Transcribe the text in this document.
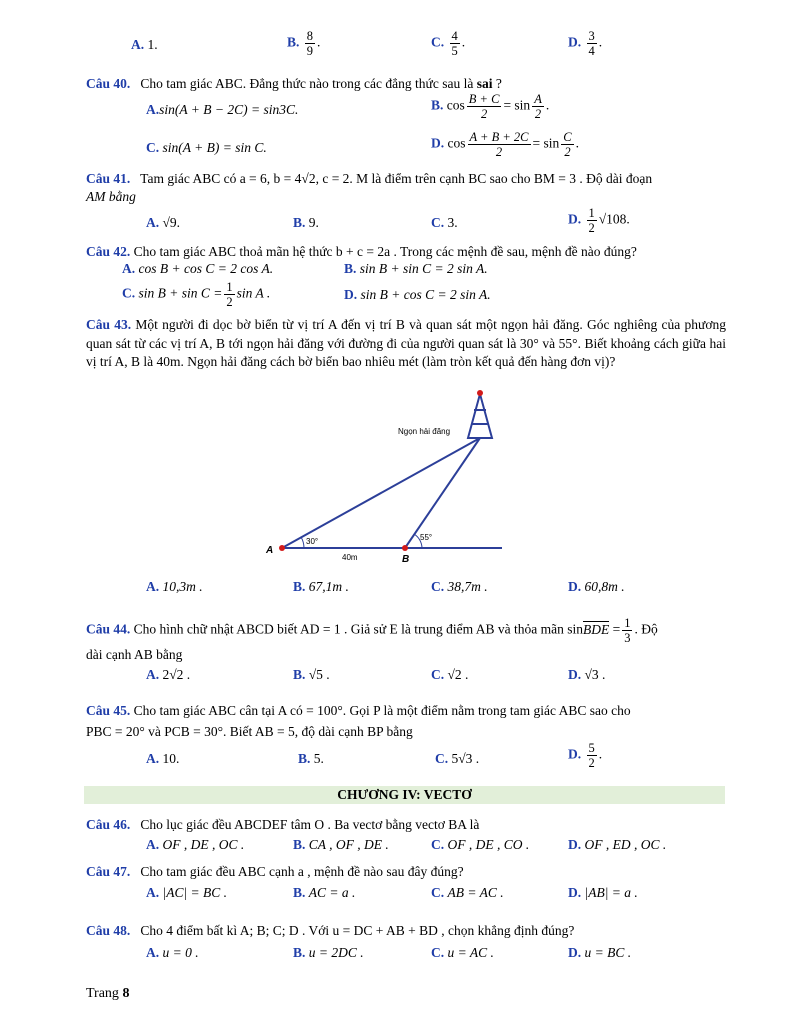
A. 1.	B. $\frac{8}{9}$ .	C. $\frac{4}{5}$ .	D. $\frac{3}{4}$ .
Câu 40. Cho tam giác ABC. Đẳng thức nào trong các đẳng thức sau là sai ?
A.sin(A + B − 2C) = sin3C.	B. $\cos \frac{B + C}{2} = \sin \frac{A}{2}$ .
C. sin(A + B) = sin C.	D. $\cos \frac{A + B + 2C}{2} = \sin \frac{C}{2}$ .
Câu 41. Tam giác ABC có a = 6, b = 4√2, c = 2. M là điểm trên cạnh BC sao cho BM = 3 . Độ dài đoạn
AM bằng
A. √9.	B. 9.	C. 3.	D. $\frac{1}{2} √108$.
Câu 42. Cho tam giác ABC thoả mãn hệ thức b + c = 2a . Trong các mệnh đề sau, mệnh đề nào đúng?
A. cos B + cos C = 2 cos A.	B. sin B + sin C = 2 sin A.
C. $\sin B + \sin C = \frac{1}{2}$ sin A .	D. sin B + cos C = 2 sin A.
Câu 43. Một người đi dọc bờ biển từ vị trí A đến vị trí B và quan sát một ngọn hải đăng. Góc nghiêng của phương quan sát từ các vị trí A, B tới ngọn hải đăng với đường đi của người quan sát là 30° và 55°. Biết khoảng cách giữa hai vị trí A, B là 40m. Ngọn hải đăng cách bờ biển bao nhiêu mét (làm tròn kết quả đến hàng đơn vị)?
Ngọn hải đăng
30°	55°
40m
A
B
A. 10,3m .	B. 67,1m .	C. 38,7m .	D. 60,8m .
Câu 44. Cho hình chữ nhật ABCD biết AD = 1 . Giả sử E là trung điểm AB và thỏa mãn sinBDE = $\frac{1}{3}$ . Độ
dài cạnh AB bằng
A. 2√2 .	B. √5 .	C. √2 .	D. √3 .
Câu 45. Cho tam giác ABC cân tại A có = 100°. Gọi P là một điểm nằm trong tam giác ABC sao cho
PBC = 20° và PCB = 30°. Biết AB = 5, độ dài cạnh BP bằng
A. 10.	B. 5.	C. 5√3 .	D. $\frac{5}{2}$ .
CHƯƠNG IV: VECTƠ
Câu 46. Cho lục giác đều ABCDEF tâm O . Ba vectơ bằng vectơ BA là
A. OF , DE , OC .	B. CA , OF , DE .	C. OF , DE , CO .	D. OF , ED , OC .
Câu 47. Cho tam giác đều ABC cạnh a , mệnh đề nào sau đây đúng?
A. |AC| = BC .	B. AC = a .	C. AB = AC .	D. |AB| = a .
Câu 48. Cho 4 điểm bất kì A; B; C; D . Với u = DC + AB + BD , chọn khẳng định đúng?
A. u = 0 .	B. u = 2DC .	C. u = AC .	D. u = BC .
Trang 8
